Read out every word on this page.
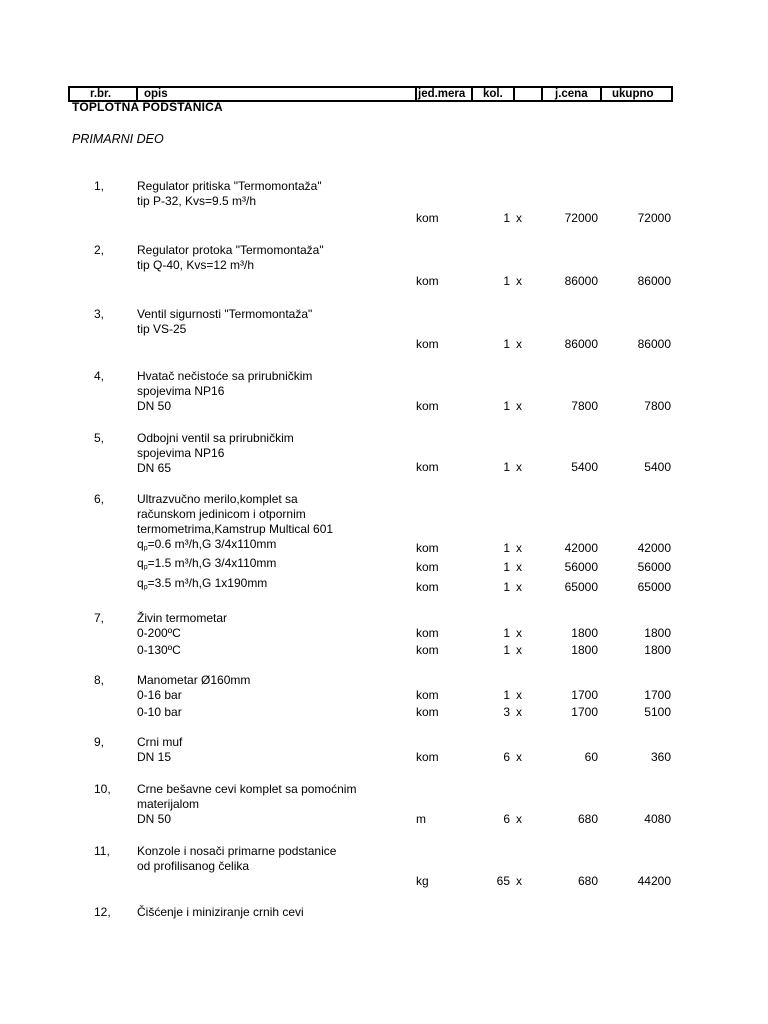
r.br.	opis	jed.mera	kol.	j.cena	ukupno
TOPLOTNA PODSTANICA
PRIMARNI DEO
1,	Regulator pritiska "Termomontaža"
tip P-32, Kvs=9.5 m³/h
kom	1 x	72000	72000
2,	Regulator protoka "Termomontaža"
tip Q-40, Kvs=12 m³/h
kom	1 x	86000	86000
3,	Ventil sigurnosti "Termomontaža"
tip VS-25
kom	1 x	86000	86000
4,	Hvatač nečistoće sa prirubničkim
spojevima NP16
DN 50	kom	1 x	7800	7800
5,	Odbojni ventil sa prirubničkim
spojevima NP16
DN 65	kom	1 x	5400	5400
6,	Ultrazvučno merilo,komplet sa
računskom jedinicom i otpornim
termometrima,Kamstrup Multical 601
$q_p=0.6$ m³/h,G 3/4x110mm	kom	1 x	42000	42000
$q_p=1.5$ m³/h,G 3/4x110mm	kom	1 x	56000	56000
$q_p=3.5$ m³/h,G 1x190mm	kom	1 x	65000	65000
7,	Živin termometar
0-200ºC	kom	1 x	1800	1800
0-130ºC	kom	1 x	1800	1800
8,	Manometar Ø160mm
0-16 bar	kom	1 x	1700	1700
0-10 bar	kom	3 x	1700	5100
9,	Crni muf
DN 15	kom	6 x	60	360
10, Crne bešavne cevi komplet sa pomoćnim
materijalom
DN 50	m	6 x	680	4080
11, Konzole i nosači primarne podstanice
od profilisanog čelika
kg	65 x	680	44200
12, Čišćenje i miniziranje crnih cevi
